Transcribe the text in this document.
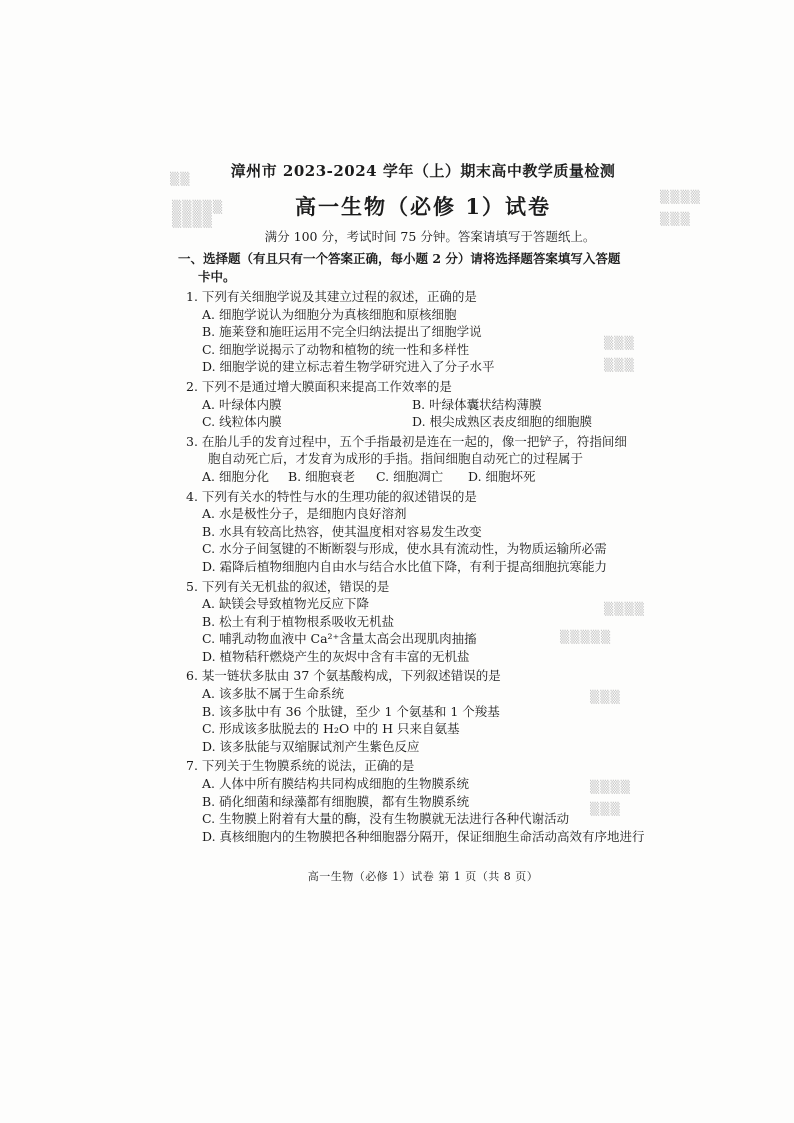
▒▒
▒▒▒▒▒
▒▒▒▒
▒▒▒▒
▒▒▒
▒▒▒
▒▒▒
▒▒▒▒
▒▒▒▒▒
▒▒▒
▒▒▒▒
▒▒▒
漳州市 2023-2024 学年（上）期末高中教学质量检测
高一生物（必修 1）试卷
满分 100 分，考试时间 75 分钟。答案请填写于答题纸上。
一、选择题（有且只有一个答案正确，每小题 2 分）请将选择题答案填写入答题
卡中。
1. 下列有关细胞学说及其建立过程的叙述，正确的是
A. 细胞学说认为细胞分为真核细胞和原核细胞
B. 施莱登和施旺运用不完全归纳法提出了细胞学说
C. 细胞学说揭示了动物和植物的统一性和多样性
D. 细胞学说的建立标志着生物学研究进入了分子水平
2. 下列不是通过增大膜面积来提高工作效率的是
A. 叶绿体内膜	B. 叶绿体囊状结构薄膜
C. 线粒体内膜	D. 根尖成熟区表皮细胞的细胞膜
3. 在胎儿手的发育过程中，五个手指最初是连在一起的，像一把铲子，符指间细
胞自动死亡后，才发育为成形的手指。指间细胞自动死亡的过程属于
A. 细胞分化	B. 细胞衰老	C. 细胞凋亡	D. 细胞坏死
4. 下列有关水的特性与水的生理功能的叙述错误的是
A. 水是极性分子，是细胞内良好溶剂
B. 水具有较高比热容，使其温度相对容易发生改变
C. 水分子间氢键的不断断裂与形成，使水具有流动性，为物质运输所必需
D. 霜降后植物细胞内自由水与结合水比值下降，有利于提高细胞抗寒能力
5. 下列有关无机盐的叙述，错误的是
A. 缺镁会导致植物光反应下降
B. 松土有利于植物根系吸收无机盐
C. 哺乳动物血液中 Ca²⁺含量太高会出现肌肉抽搐
D. 植物秸秆燃烧产生的灰烬中含有丰富的无机盐
6. 某一链状多肽由 37 个氨基酸构成，下列叙述错误的是
A. 该多肽不属于生命系统
B. 该多肽中有 36 个肽键，至少 1 个氨基和 1 个羧基
C. 形成该多肽脱去的 H₂O 中的 H 只来自氨基
D. 该多肽能与双缩脲试剂产生紫色反应
7. 下列关于生物膜系统的说法，正确的是
A. 人体中所有膜结构共同构成细胞的生物膜系统
B. 硝化细菌和绿藻都有细胞膜，都有生物膜系统
C. 生物膜上附着有大量的酶，没有生物膜就无法进行各种代谢活动
D. 真核细胞内的生物膜把各种细胞器分隔开，保证细胞生命活动高效有序地进行
高一生物（必修 1）试卷 第 1 页（共 8 页）
